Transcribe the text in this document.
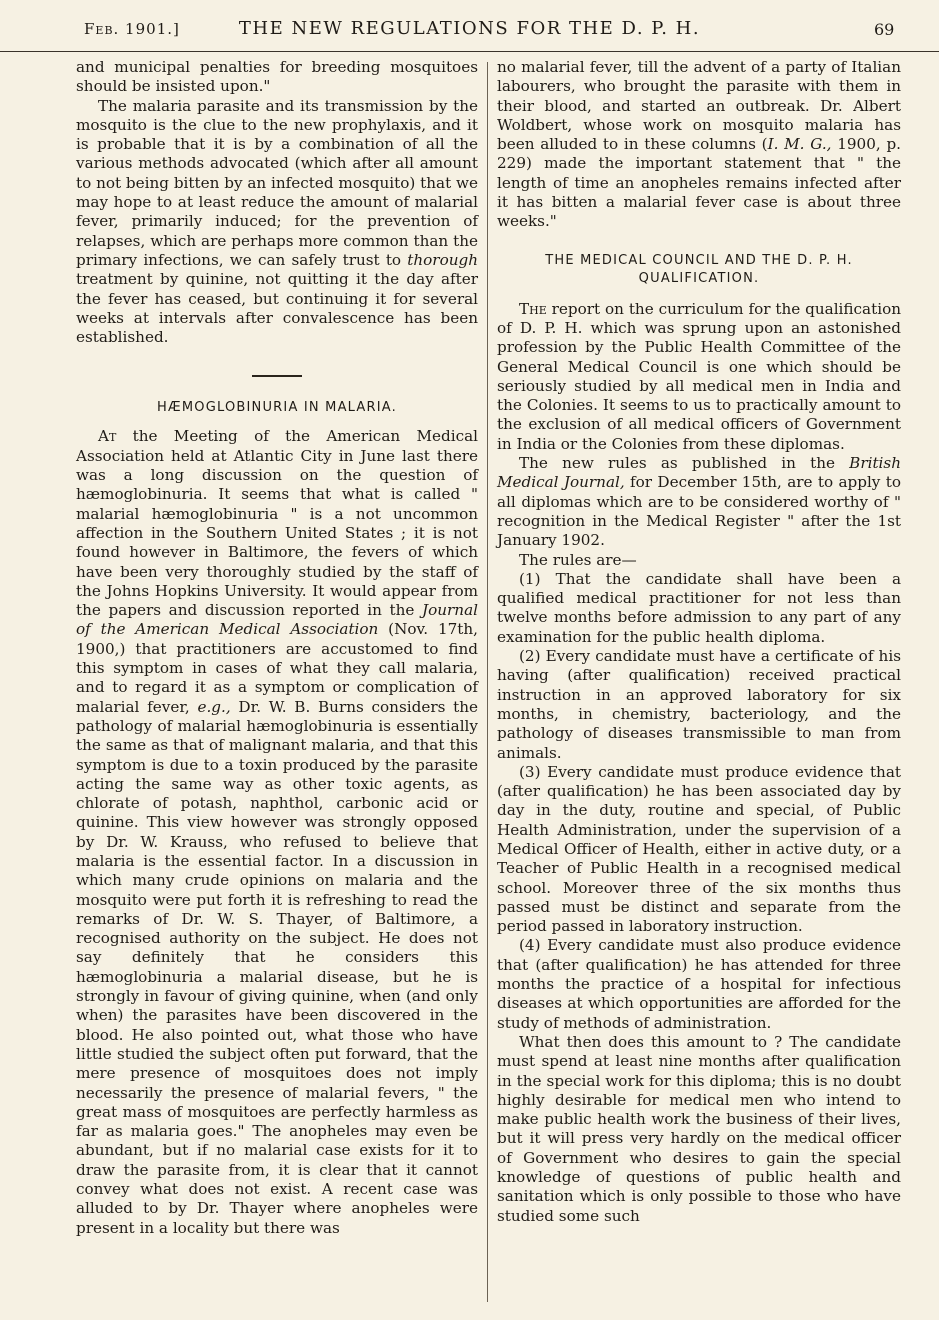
Feb. 1901.]	THE NEW REGULATIONS FOR THE D. P. H.	69

and municipal penalties for breeding mosquitoes should be insisted upon."

The malaria parasite and its transmission by the mosquito is the clue to the new prophylaxis, and it is probable that it is by a combination of all the various methods advocated (which after all amount to not being bitten by an infected mosquito) that we may hope to at least reduce the amount of malarial fever, primarily induced; for the prevention of relapses, which are perhaps more common than the primary infections, we can safely trust to thorough treatment by quinine, not quitting it the day after the fever has ceased, but continuing it for several weeks at intervals after convalescence has been established.

HÆMOGLOBINURIA IN MALARIA.

At the Meeting of the American Medical Association held at Atlantic City in June last there was a long discussion on the question of hæmoglobinuria. It seems that what is called " malarial hæmoglobinuria " is a not uncommon affection in the Southern United States ; it is not found however in Baltimore, the fevers of which have been very thoroughly studied by the staff of the Johns Hopkins University. It would appear from the papers and discussion reported in the Journal of the American Medical Association (Nov. 17th, 1900,) that practitioners are accustomed to find this symptom in cases of what they call malaria, and to regard it as a symptom or complication of malarial fever, e.g., Dr. W. B. Burns considers the pathology of malarial hæmoglobinuria is essentially the same as that of malignant malaria, and that this symptom is due to a toxin produced by the parasite acting the same way as other toxic agents, as chlorate of potash, naphthol, carbonic acid or quinine. This view however was strongly opposed by Dr. W. Krauss, who refused to believe that malaria is the essential factor. In a discussion in which many crude opinions on malaria and the mosquito were put forth it is refreshing to read the remarks of Dr. W. S. Thayer, of Baltimore, a recognised authority on the subject. He does not say definitely that he considers this hæmoglobinuria a malarial disease, but he is strongly in favour of giving quinine, when (and only when) the parasites have been discovered in the blood. He also pointed out, what those who have little studied the subject often put forward, that the mere presence of mosquitoes does not imply necessarily the presence of malarial fevers, " the great mass of mosquitoes are perfectly harmless as far as malaria goes." The anopheles may even be abundant, but if no malarial case exists for it to draw the parasite from, it is clear that it cannot convey what does not exist. A recent case was alluded to by Dr. Thayer where anopheles were present in a locality but there was

no malarial fever, till the advent of a party of Italian labourers, who brought the parasite with them in their blood, and started an outbreak. Dr. Albert Woldbert, whose work on mosquito malaria has been alluded to in these columns (I. M. G., 1900, p. 229) made the important statement that " the length of time an anopheles remains infected after it has bitten a malarial fever case is about three weeks."

THE MEDICAL COUNCIL AND THE D. P. H.
QUALIFICATION.

The report on the curriculum for the qualification of D. P. H. which was sprung upon an astonished profession by the Public Health Committee of the General Medical Council is one which should be seriously studied by all medical men in India and the Colonies. It seems to us to practically amount to the exclusion of all medical officers of Government in India or the Colonies from these diplomas.

The new rules as published in the British Medical Journal, for December 15th, are to apply to all diplomas which are to be considered worthy of " recognition in the Medical Register " after the 1st January 1902.

The rules are—

(1) That the candidate shall have been a qualified medical practitioner for not less than twelve months before admission to any part of any examination for the public health diploma.

(2) Every candidate must have a certificate of his having (after qualification) received practical instruction in an approved laboratory for six months, in chemistry, bacteriology, and the pathology of diseases transmissible to man from animals.

(3) Every candidate must produce evidence that (after qualification) he has been associated day by day in the duty, routine and special, of Public Health Administration, under the supervision of a Medical Officer of Health, either in active duty, or a Teacher of Public Health in a recognised medical school. Moreover three of the six months thus passed must be distinct and separate from the period passed in laboratory instruction.

(4) Every candidate must also produce evidence that (after qualification) he has attended for three months the practice of a hospital for infectious diseases at which opportunities are afforded for the study of methods of administration.

What then does this amount to ? The candidate must spend at least nine months after qualification in the special work for this diploma; this is no doubt highly desirable for medical men who intend to make public health work the business of their lives, but it will press very hardly on the medical officer of Government who desires to gain the special knowledge of questions of public health and sanitation which is only possible to those who have studied some such
